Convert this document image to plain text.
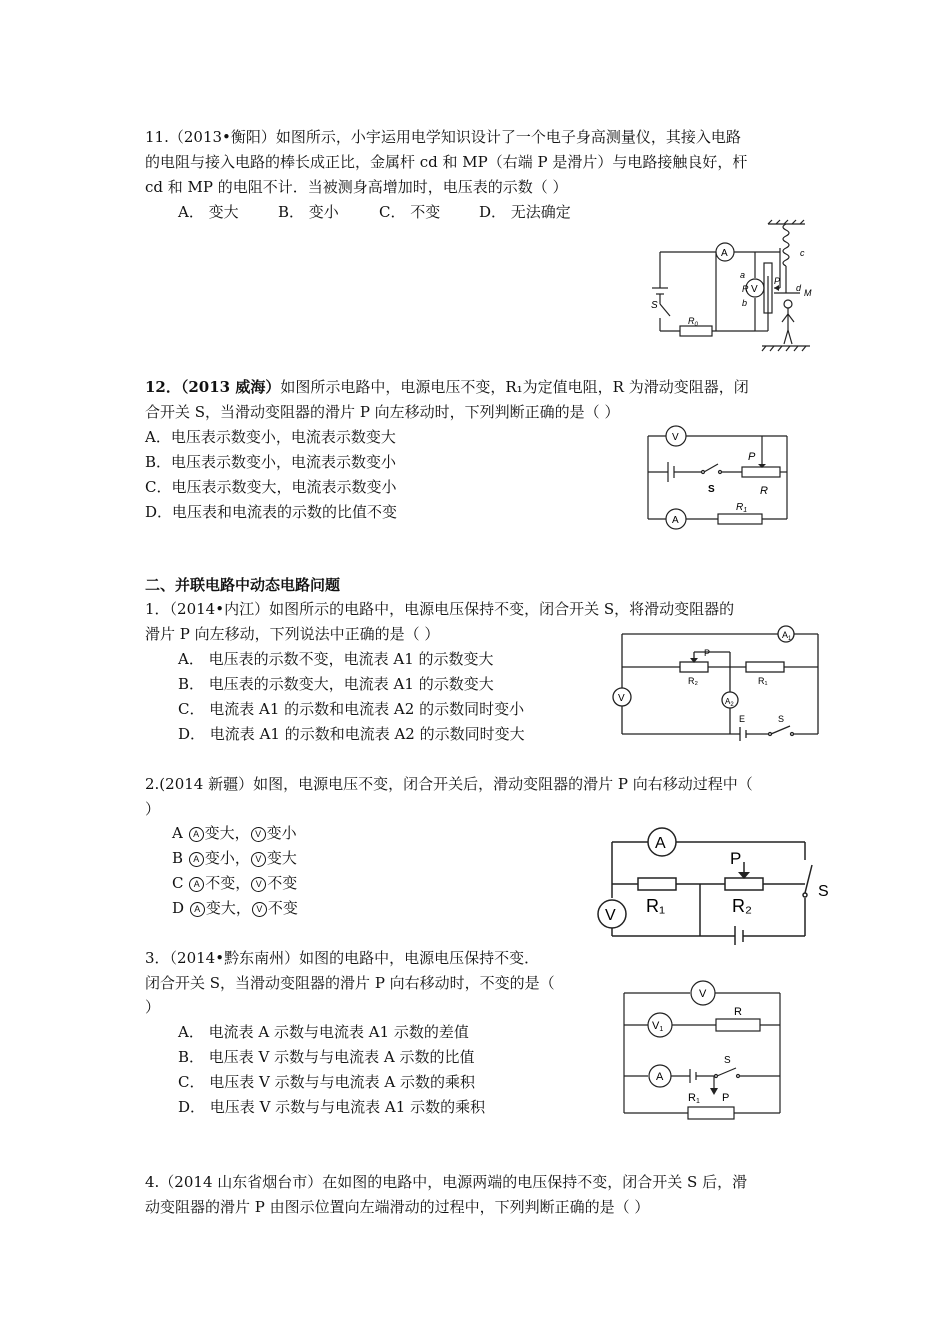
11.（2013•衡阳）如图所示，小宇运用电学知识设计了一个电子身高测量仪，其接入电路
的电阻与接入电路的棒长成正比，金属杆 cd 和 MP（右端 P 是滑片）与电路接触良好，杆
cd 和 MP 的电阻不计．当被测身高增加时，电压表的示数（ ）
A． 变大	B． 变小	C． 不变	D． 无法确定
A
V
S
$R_0$
a
R
b
P
c
d M
12．（2013 威海）如图所示电路中，电源电压不变，R₁为定值电阻，R 为滑动变阻器，闭
合开关 S，当滑动变阻器的滑片 P 向左移动时，下列判断正确的是（ ）
A．电压表示数变小，电流表示数变大
B．电压表示数变小，电流表示数变小
C．电压表示数变大，电流表示数变小
D．电压表和电流表的示数的比值不变
V
P
S	R
$R_1$
A
二、并联电路中动态电路问题
1．（2014•内江）如图所示的电路中，电源电压保持不变，闭合开关 S，将滑动变阻器的
滑片 P 向左移动，下列说法中正确的是（ ）
A． 电压表的示数不变，电流表 A1 的示数变大
B． 电压表的示数变大，电流表 A1 的示数变大
C． 电流表 A1 的示数和电流表 A2 的示数同时变小
D． 电流表 A1 的示数和电流表 A2 的示数同时变大
$A_1$
P
R₂	R₁
$A_2$
V
E	S
2.(2014 新疆）如图，电源电压不变，闭合开关后，滑动变阻器的滑片 P 向右移动过程中（
）
A A 变大， V 变小
B A 变小， V 变大
C A 不变， V 不变
D A 变大， V 不变
A
P
S
R₁	R₂
V
3．（2014•黔东南州）如图的电路中，电源电压保持不变．
闭合开关 S，当滑动变阻器的滑片 P 向右移动时，不变的是（
）
A． 电流表 A 示数与电流表 A1 示数的差值
B． 电压表 V 示数与与电流表 A 示数的比值
C． 电压表 V 示数与与电流表 A 示数的乘积
D． 电压表 V 示数与与电流表 A1 示数的乘积
V
V1
R
A
S
R1 P
4.（2014 山东省烟台市）在如图的电路中，电源两端的电压保持不变，闭合开关 S 后，滑
动变阻器的滑片 P 由图示位置向左端滑动的过程中，下列判断正确的是（ ）
